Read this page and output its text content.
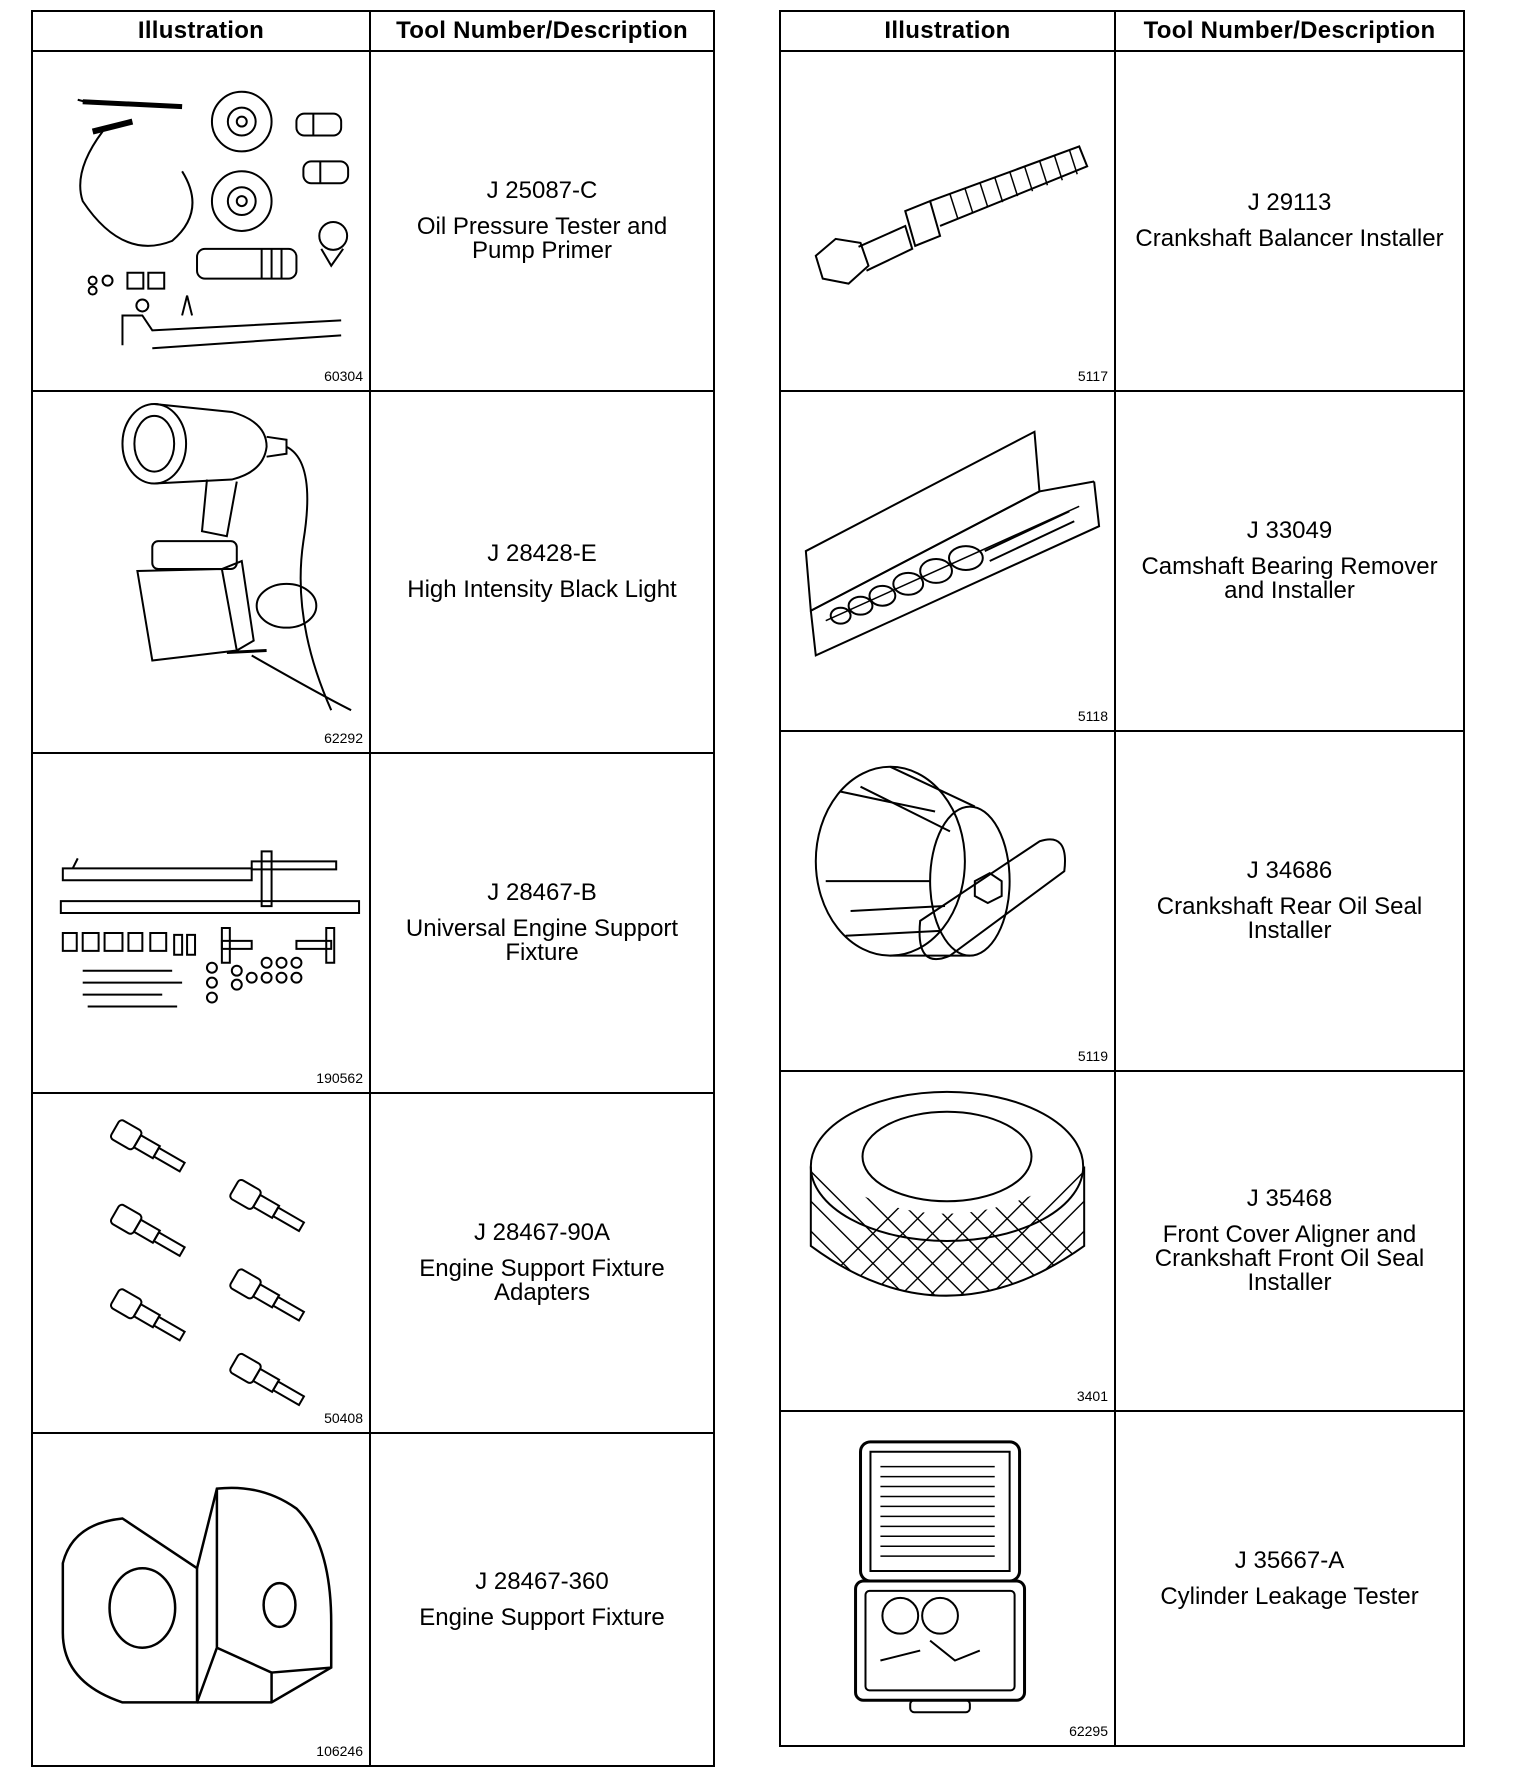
Illustration	Tool Number/Description

60304	J 25087-C
Oil Pressure Tester and
Pump Primer

62292	J 28428-E
High Intensity Black Light

190562	J 28467-B
Universal Engine Support
Fixture

50408	J 28467-90A
Engine Support Fixture
Adapters

106246	J 28467-360
Engine Support Fixture
Illustration	Tool Number/Description

5117	J 29113
Crankshaft Balancer Installer

5118	J 33049
Camshaft Bearing Remover
and Installer

5119	J 34686
Crankshaft Rear Oil Seal
Installer

3401	J 35468
Front Cover Aligner and
Crankshaft Front Oil Seal
Installer

62295	J 35667-A
Cylinder Leakage Tester
